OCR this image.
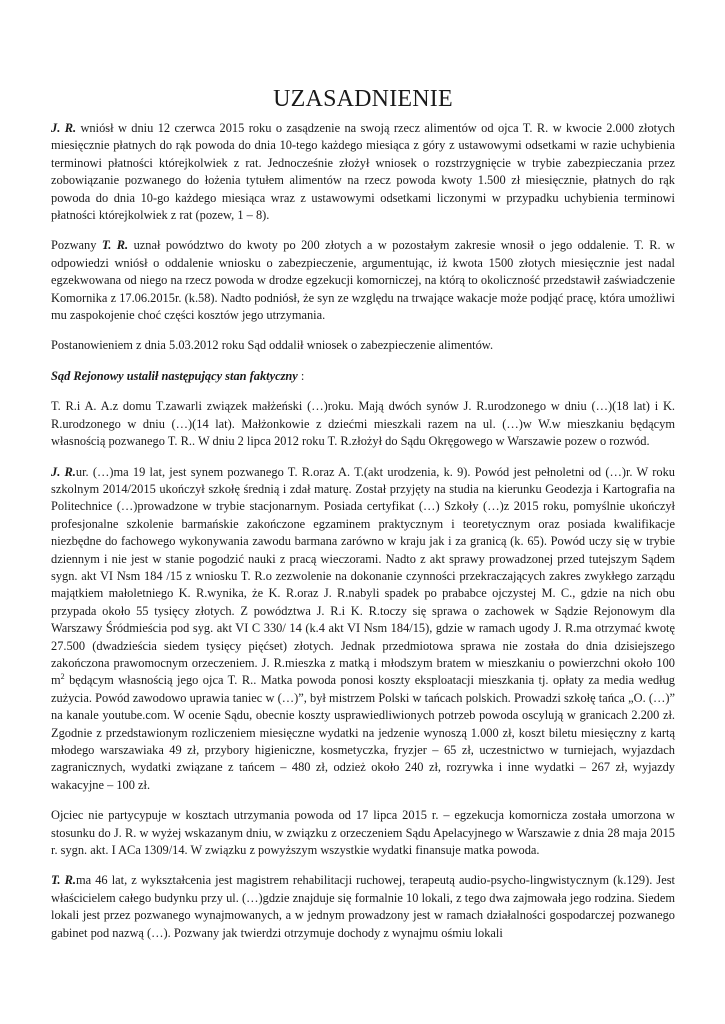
UZASADNIENIE

J. R. wniósł w dniu 12 czerwca 2015 roku o zasądzenie na swoją rzecz alimentów od ojca T. R. w kwocie 2.000 złotych miesięcznie płatnych do rąk powoda do dnia 10-tego każdego miesiąca z góry z ustawowymi odsetkami w razie uchybienia terminowi płatności którejkolwiek z rat. Jednocześnie złożył wniosek o rozstrzygnięcie w trybie zabezpieczania przez zobowiązanie pozwanego do łożenia tytułem alimentów na rzecz powoda kwoty 1.500 zł miesięcznie, płatnych do rąk powoda do dnia 10-go każdego miesiąca wraz z ustawowymi odsetkami liczonymi w przypadku uchybienia terminowi płatności którejkolwiek z rat (pozew, 1 – 8).

Pozwany T. R. uznał powództwo do kwoty po 200 złotych a w pozostałym zakresie wnosił o jego oddalenie. T. R. w odpowiedzi wniósł o oddalenie wniosku o zabezpieczenie, argumentując, iż kwota 1500 złotych miesięcznie jest nadal egzekwowana od niego na rzecz powoda w drodze egzekucji komorniczej, na którą to okoliczność przedstawił zaświadczenie Komornika z 17.06.2015r. (k.58). Nadto podniósł, że syn ze względu na trwające wakacje może podjąć pracę, która umożliwi mu zaspokojenie choć części kosztów jego utrzymania.

Postanowieniem z dnia 5.03.2012 roku Sąd oddalił wniosek o zabezpieczenie alimentów.

Sąd Rejonowy ustalił następujący stan faktyczny :

T. R.i A. A.z domu T.zawarli związek małżeński (…)roku. Mają dwóch synów J. R.urodzonego w dniu (…)(18 lat) i K. R.urodzonego w dniu (…)(14 lat). Małżonkowie z dziećmi mieszkali razem na ul. (…)w W.w mieszkaniu będącym własnością pozwanego T. R.. W dniu 2 lipca 2012 roku T. R.złożył do Sądu Okręgowego w Warszawie pozew o rozwód.

J. R.ur. (…)ma 19 lat, jest synem pozwanego T. R.oraz A. T.(akt urodzenia, k. 9). Powód jest pełnoletni od (…)r. W roku szkolnym 2014/2015 ukończył szkołę średnią i zdał maturę. Został przyjęty na studia na kierunku Geodezja i Kartografia na Politechnice (…)prowadzone w trybie stacjonarnym. Posiada certyfikat (…) Szkoły (…)z 2015 roku, pomyślnie ukończył profesjonalne szkolenie barmańskie zakończone egzaminem praktycznym i teoretycznym oraz posiada kwalifikacje niezbędne do fachowego wykonywania zawodu barmana zarówno w kraju jak i za granicą (k. 65). Powód uczy się w trybie dziennym i nie jest w stanie pogodzić nauki z pracą wieczorami. Nadto z akt sprawy prowadzonej przed tutejszym Sądem sygn. akt VI Nsm 184 /15 z wniosku T. R.o zezwolenie na dokonanie czynności przekraczających zakres zwykłego zarządu majątkiem małoletniego K. R.wynika, że K. R.oraz J. R.nabyli spadek po prababce ojczystej M. C., gdzie na nich obu przypada około 55 tysięcy złotych. Z powództwa J. R.i K. R.toczy się sprawa o zachowek w Sądzie Rejonowym dla Warszawy Śródmieścia pod syg. akt VI C 330/ 14 (k.4 akt VI Nsm 184/15), gdzie w ramach ugody J. R.ma otrzymać kwotę 27.500 (dwadzieścia siedem tysięcy pięćset) złotych. Jednak przedmiotowa sprawa nie została do dnia dzisiejszego zakończona prawomocnym orzeczeniem. J. R.mieszka z matką i młodszym bratem w mieszkaniu o powierzchni około 100 $m^2$ będącym własnością jego ojca T. R.. Matka powoda ponosi koszty eksploatacji mieszkania tj. opłaty za media według zużycia. Powód zawodowo uprawia taniec w (…)”, był mistrzem Polski w tańcach polskich. Prowadzi szkołę tańca „O. (…)” na kanale youtube.com. W ocenie Sądu, obecnie koszty usprawiedliwionych potrzeb powoda oscylują w granicach 2.200 zł. Zgodnie z przedstawionym rozliczeniem miesięczne wydatki na jedzenie wynoszą 1.000 zł, koszt biletu miesięczny z kartą młodego warszawiaka 49 zł, przybory higieniczne, kosmetyczka, fryzjer – 65 zł, uczestnictwo w turniejach, wyjazdach zagranicznych, wydatki związane z tańcem – 480 zł, odzież około 240 zł, rozrywka i inne wydatki – 267 zł, wyjazdy wakacyjne – 100 zł.

Ojciec nie partycypuje w kosztach utrzymania powoda od 17 lipca 2015 r. – egzekucja komornicza została umorzona w stosunku do J. R. w wyżej wskazanym dniu, w związku z orzeczeniem Sądu Apelacyjnego w Warszawie z dnia 28 maja 2015 r. sygn. akt. I ACa 1309/14. W związku z powyższym wszystkie wydatki finansuje matka powoda.

T. R.ma 46 lat, z wykształcenia jest magistrem rehabilitacji ruchowej, terapeutą audio-psycho-lingwistycznym (k.129). Jest właścicielem całego budynku przy ul. (…)gdzie znajduje się formalnie 10 lokali, z tego dwa zajmowała jego rodzina. Siedem lokali jest przez pozwanego wynajmowanych, a w jednym prowadzony jest w ramach działalności gospodarczej pozwanego gabinet pod nazwą (…). Pozwany jak twierdzi otrzymuje dochody z wynajmu ośmiu lokali
